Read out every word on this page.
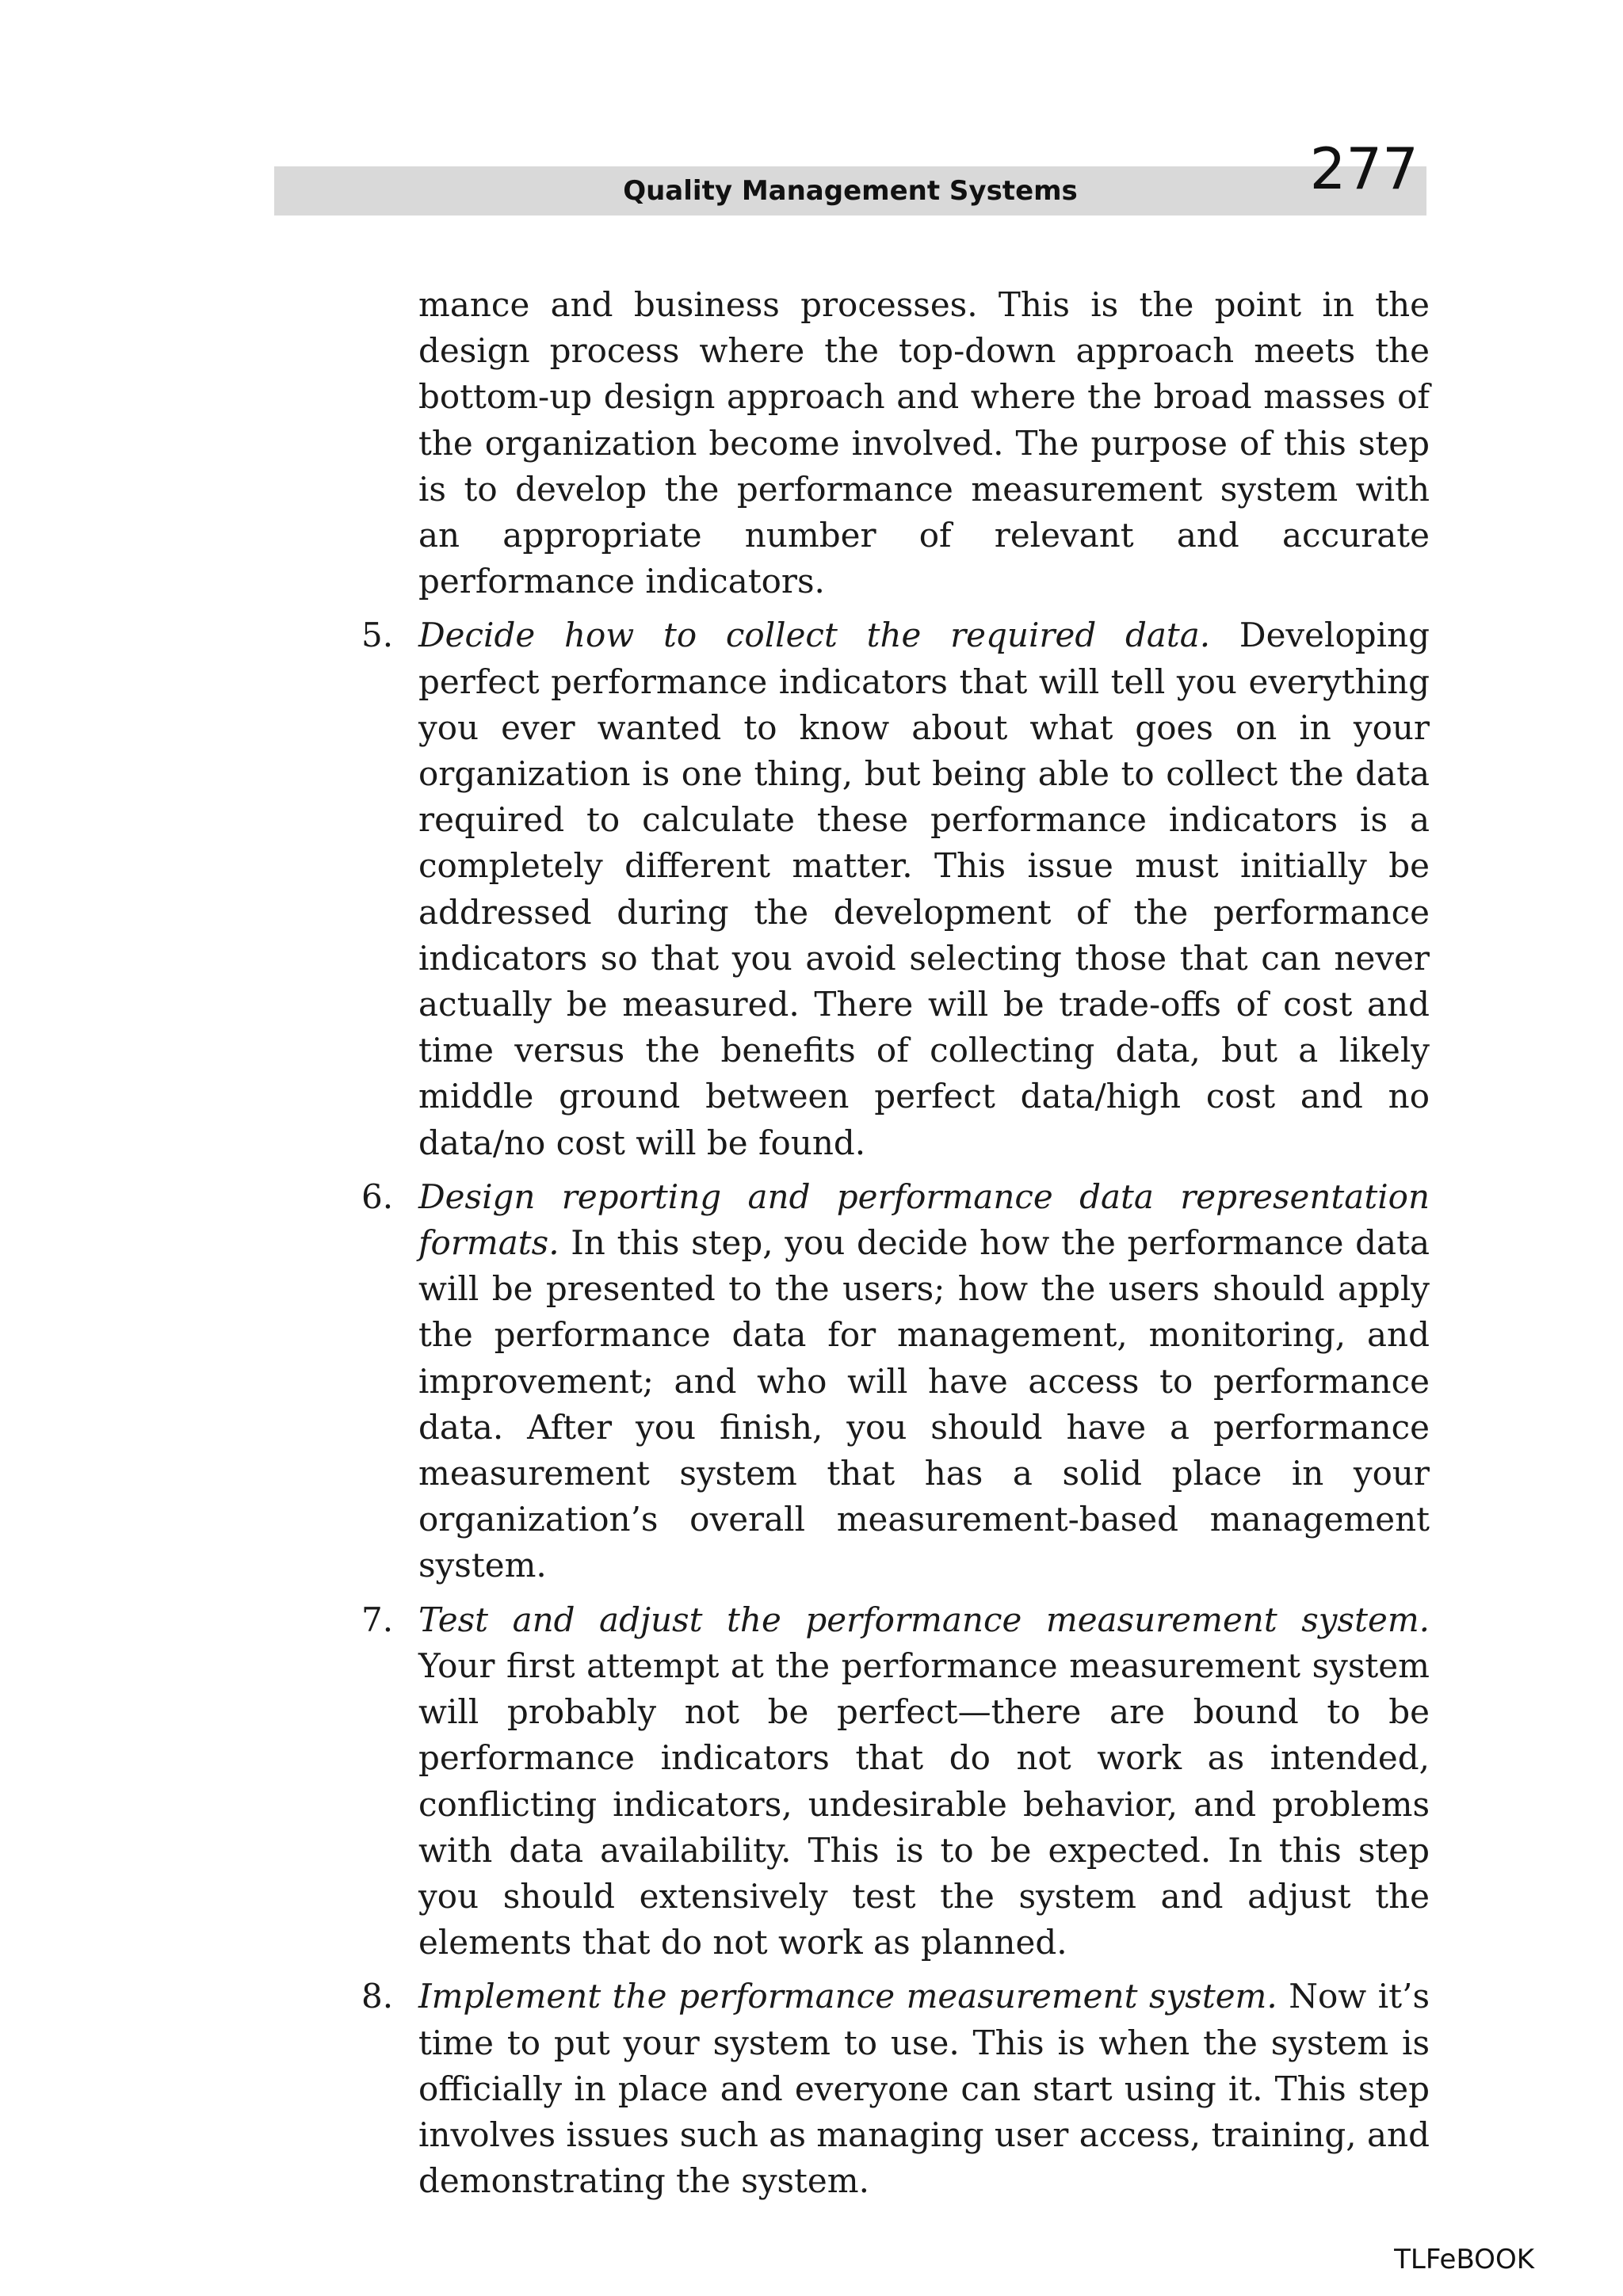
Quality Management Systems	277

mance and business processes. This is the point in the design process where the top-down approach meets the bottom-up design approach and where the broad masses of the organization become involved. The purpose of this step is to develop the performance measurement system with an appropriate number of relevant and accurate performance indicators.

5. Decide how to collect the required data. Developing perfect performance indicators that will tell you everything you ever wanted to know about what goes on in your organization is one thing, but being able to collect the data required to calculate these performance indicators is a completely different matter. This issue must initially be addressed during the development of the performance indicators so that you avoid selecting those that can never actually be measured. There will be trade-offs of cost and time versus the benefits of collecting data, but a likely middle ground between perfect data/high cost and no data/no cost will be found.
6. Design reporting and performance data representation formats. In this step, you decide how the performance data will be presented to the users; how the users should apply the performance data for management, monitoring, and improvement; and who will have access to performance data. After you finish, you should have a performance measurement system that has a solid place in your organization’s overall measurement-based management system.
7. Test and adjust the performance measurement system. Your first attempt at the performance measurement system will probably not be perfect—there are bound to be performance indicators that do not work as intended, conflicting indicators, undesirable behavior, and problems with data availability. This is to be expected. In this step you should extensively test the system and adjust the elements that do not work as planned.
8. Implement the performance measurement system. Now it’s time to put your system to use. This is when the system is officially in place and everyone can start using it. This step involves issues such as managing user access, training, and demonstrating the system.
TLFeBOOK
